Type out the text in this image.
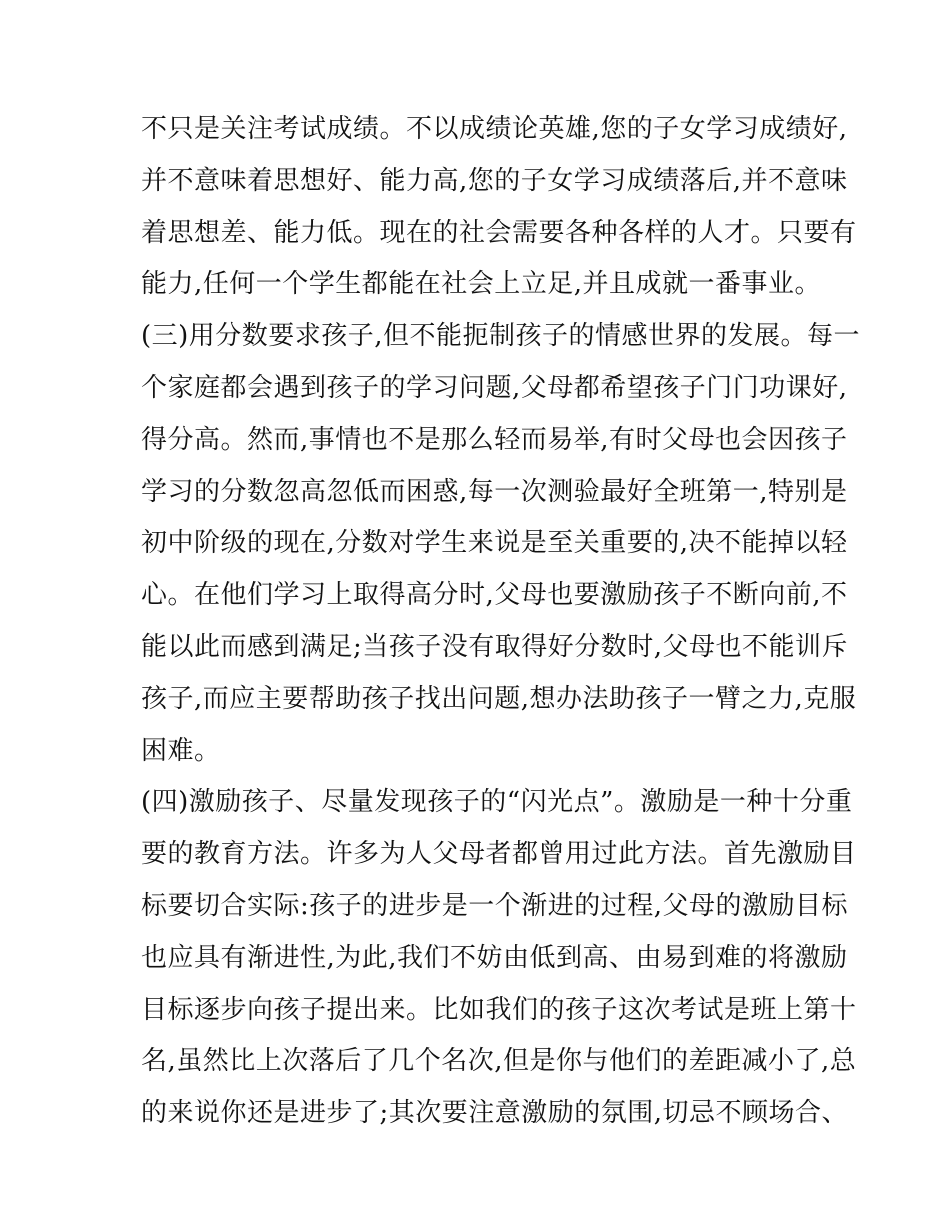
不只是关注考试成绩。不以成绩论英雄,您的子女学习成绩好,
并不意味着思想好、能力高,您的子女学习成绩落后,并不意味
着思想差、能力低。现在的社会需要各种各样的人才。只要有
能力,任何一个学生都能在社会上立足,并且成就一番事业。
(三)用分数要求孩子,但不能扼制孩子的情感世界的发展。每一
个家庭都会遇到孩子的学习问题,父母都希望孩子门门功课好,
得分高。然而,事情也不是那么轻而易举,有时父母也会因孩子
学习的分数忽高忽低而困惑,每一次测验最好全班第一,特别是
初中阶级的现在,分数对学生来说是至关重要的,决不能掉以轻
心。在他们学习上取得高分时,父母也要激励孩子不断向前,不
能以此而感到满足;当孩子没有取得好分数时,父母也不能训斥
孩子,而应主要帮助孩子找出问题,想办法助孩子一臂之力,克服
困难。
(四)激励孩子、尽量发现孩子的“闪光点”。激励是一种十分重
要的教育方法。许多为人父母者都曾用过此方法。首先激励目
标要切合实际:孩子的进步是一个渐进的过程,父母的激励目标
也应具有渐进性,为此,我们不妨由低到高、由易到难的将激励
目标逐步向孩子提出来。比如我们的孩子这次考试是班上第十
名,虽然比上次落后了几个名次,但是你与他们的差距减小了,总
的来说你还是进步了;其次要注意激励的氛围,切忌不顾场合、
